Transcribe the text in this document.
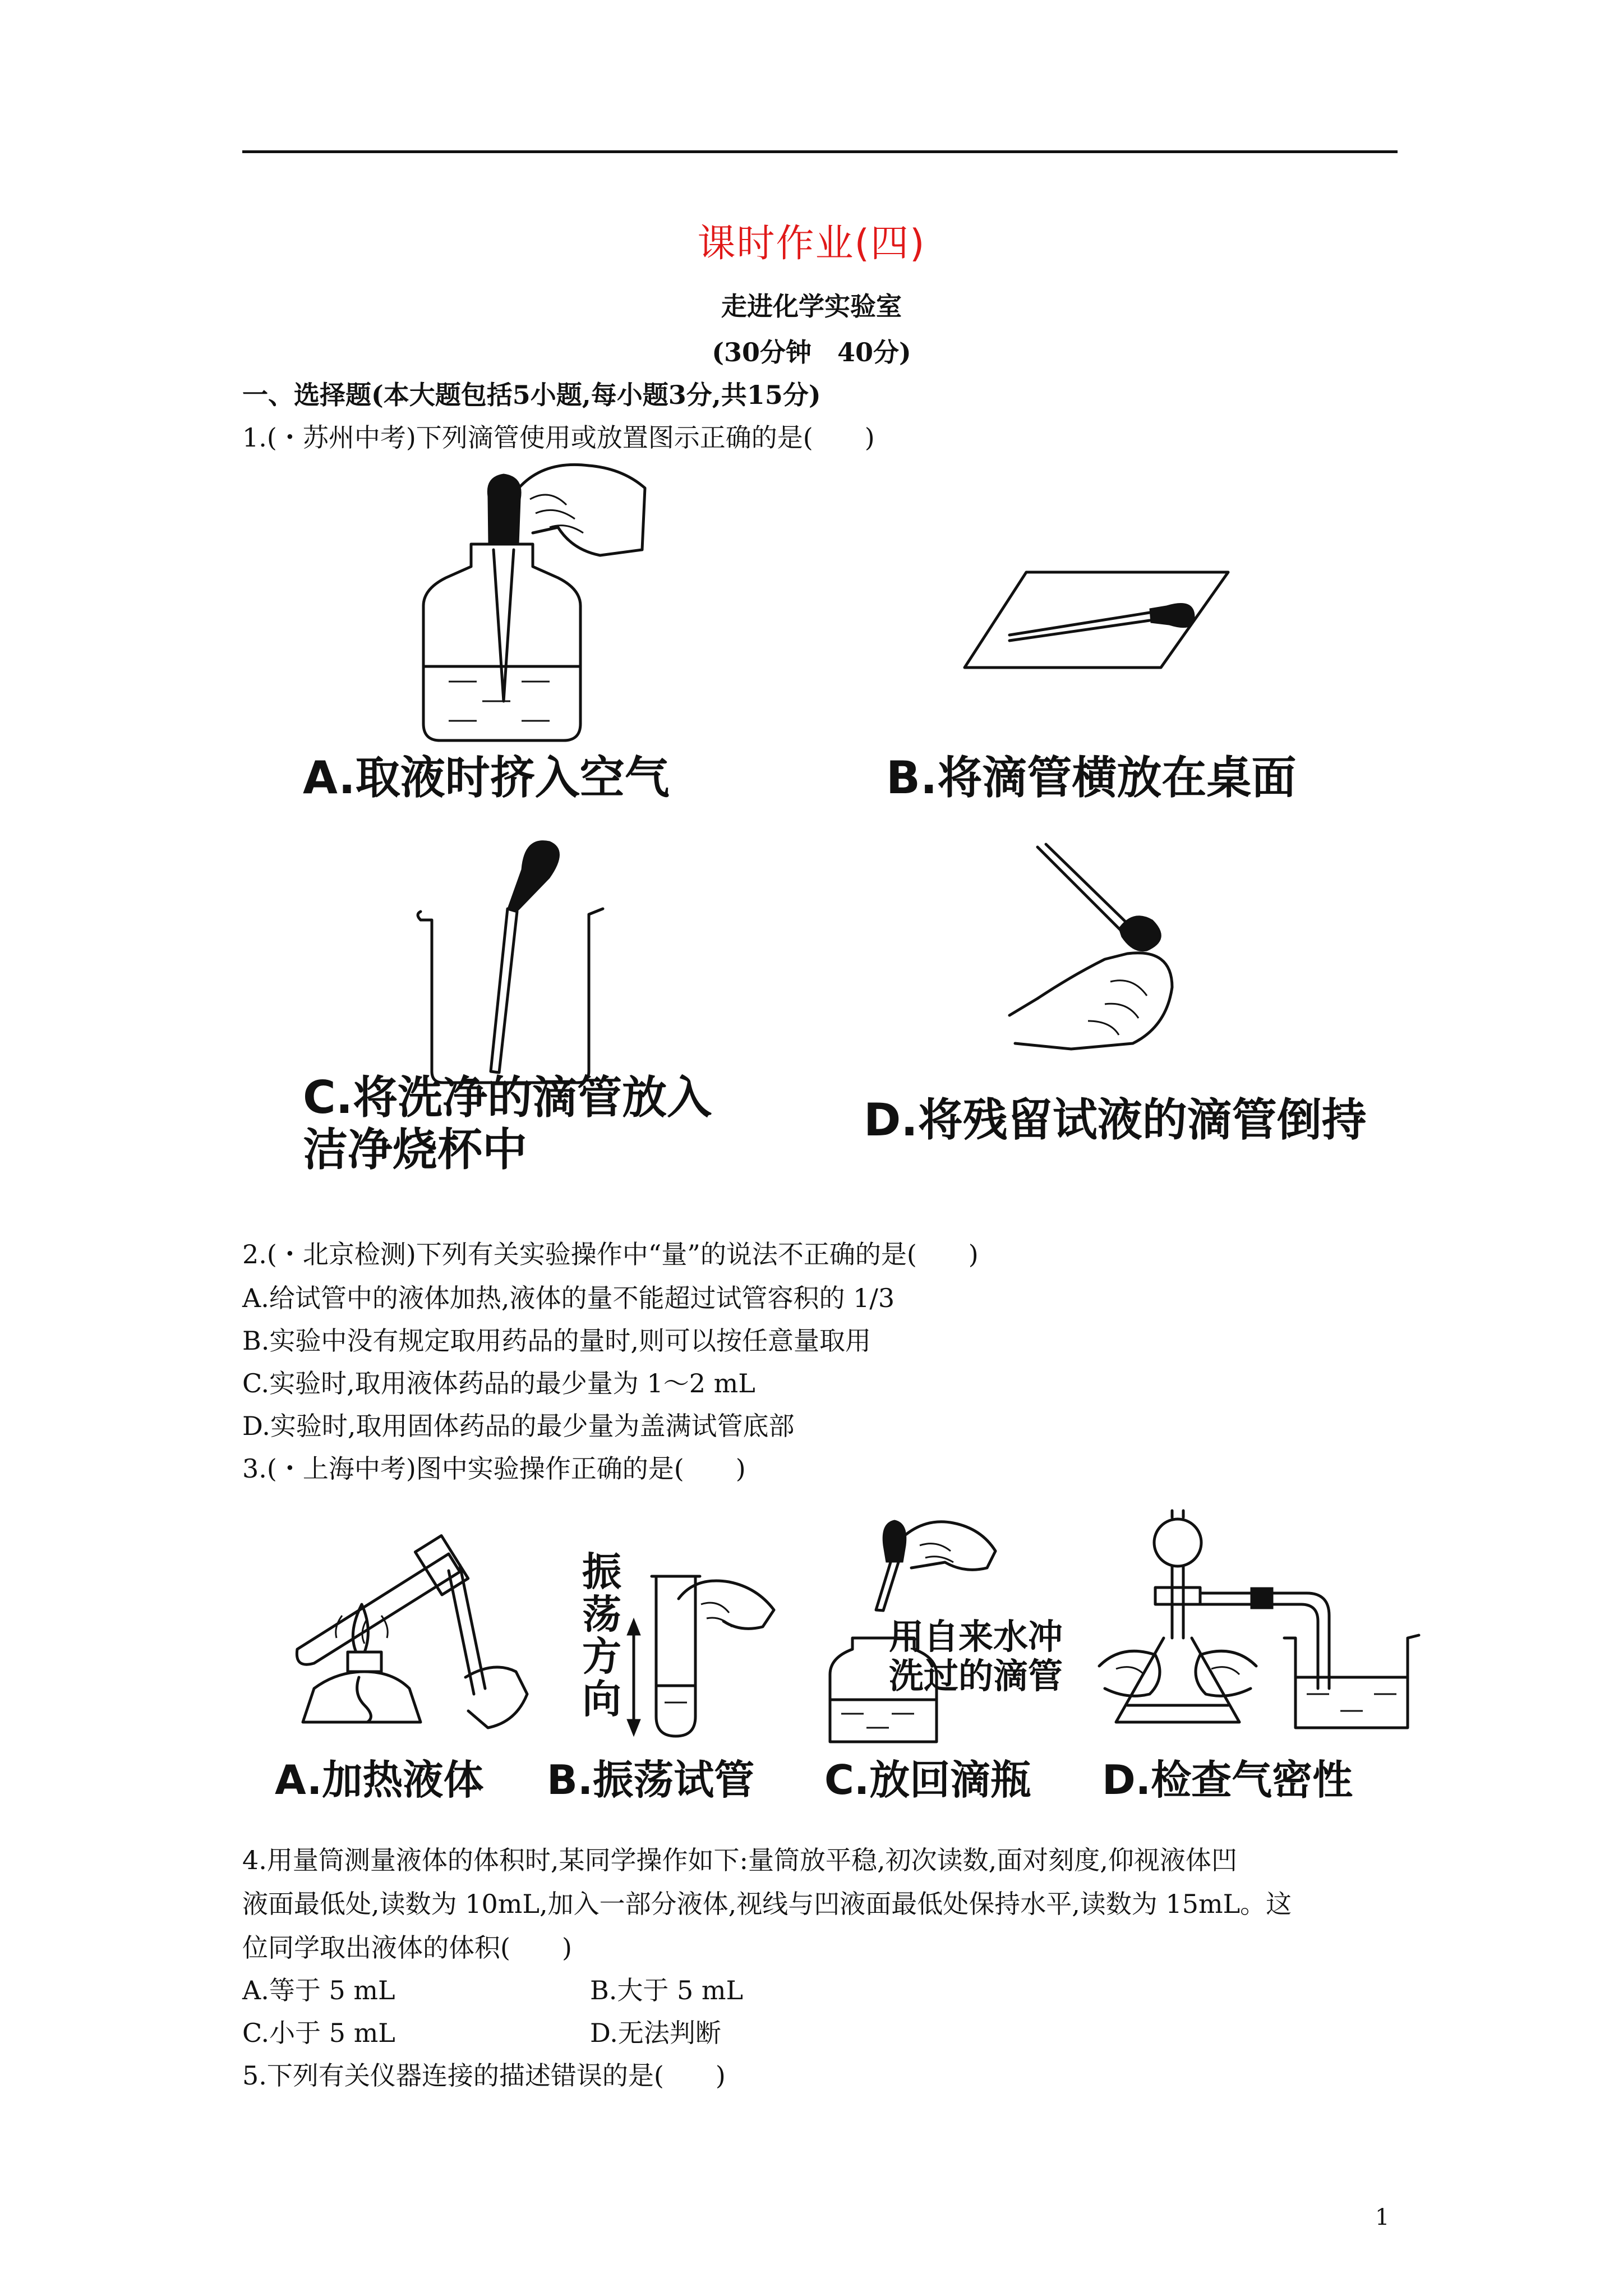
课时作业(四)
走进化学实验室
(30分钟　40分)
一、选择题(本大题包括5小题,每小题3分,共15分)
1.(・苏州中考)下列滴管使用或放置图示正确的是(　　)
A.取液时挤入空气	B.将滴管横放在桌面
C.将洗净的滴管放入
洁净烧杯中
D.将残留试液的滴管倒持
2.(・北京检测)下列有关实验操作中“量”的说法不正确的是(　　)
A.给试管中的液体加热,液体的量不能超过试管容积的 1/3
B.实验中没有规定取用药品的量时,则可以按任意量取用
C.实验时,取用液体药品的最少量为 1～2 mL
D.实验时,取用固体药品的最少量为盖满试管底部
3.(・上海中考)图中实验操作正确的是(　　)
A.加热液体
振
荡
方
向
B.振荡试管
用自来水冲
洗过的滴管
C.放回滴瓶 D.检查气密性
4.用量筒测量液体的体积时,某同学操作如下:量筒放平稳,初次读数,面对刻度,仰视液体凹
液面最低处,读数为 10mL,加入一部分液体,视线与凹液面最低处保持水平,读数为 15mL。这
位同学取出液体的体积(　　)
A.等于 5 mL	B.大于 5 mL
C.小于 5 mL	D.无法判断
5.下列有关仪器连接的描述错误的是(　　)
1
